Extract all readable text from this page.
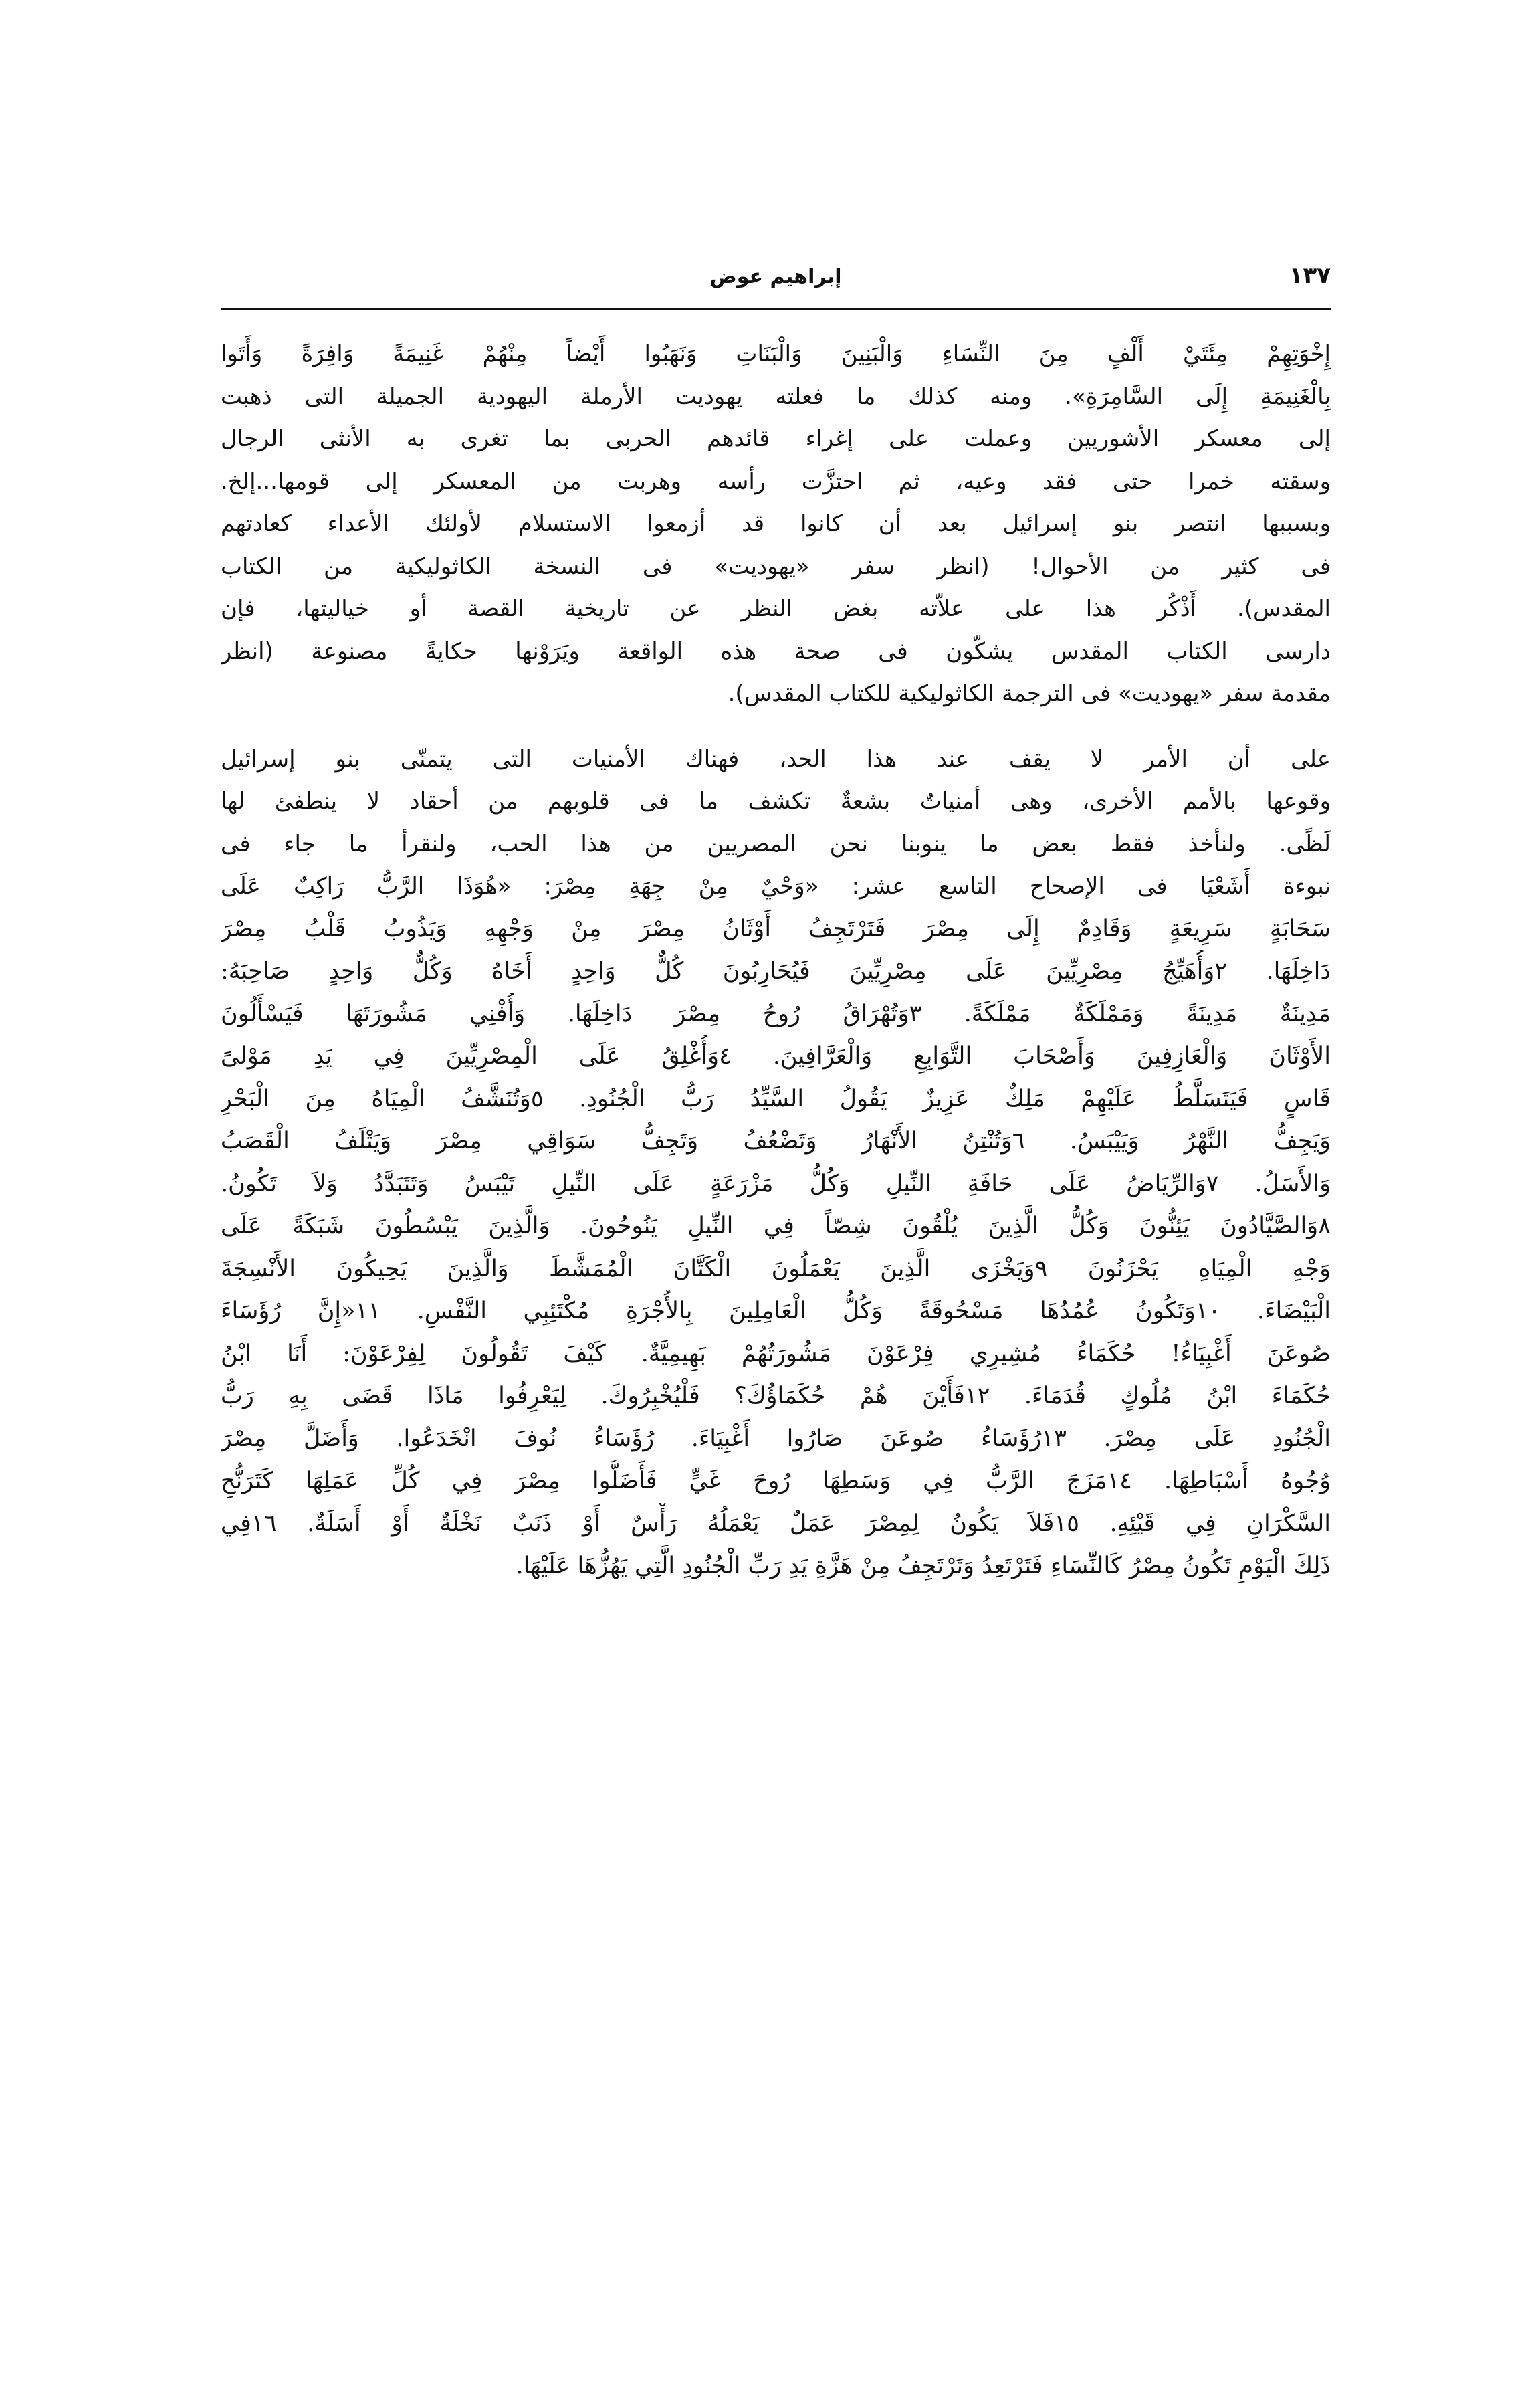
١٣٧
إبراهيم عوض

إِخْوَتِهِمْ مِئَتَيْ أَلْفٍ مِنَ النِّسَاءِ وَالْبَنِينَ وَالْبَنَاتِ وَنَهَبُوا أَيْضاً مِنْهُمْ غَنِيمَةً وَافِرَةً وَأَتَوا
بِالْغَنِيمَةِ إِلَى السَّامِرَةِ». ومنه كذلك ما فعلته يهوديت الأرملة اليهودية الجميلة التى ذهبت
إلى معسكر الأشوريين وعملت على إغراء قائدهم الحربى بما تغرى به الأنثى الرجال
وسقته خمرا حتى فقد وعيه، ثم احتزَّت رأسه وهربت من المعسكر إلى قومها...إلخ.
وبسببها انتصر بنو إسرائيل بعد أن كانوا قد أزمعوا الاستسلام لأولئك الأعداء كعادتهم
فى كثير من الأحوال! (انظر سفر «يهوديت» فى النسخة الكاثوليكية من الكتاب
المقدس). أَذْكُر هذا على علاّته بغض النظر عن تاريخية القصة أو خياليتها، فإن
دارسى الكتاب المقدس يشكّون فى صحة هذه الواقعة ويَرَوْنها حكايةً مصنوعة (انظر
مقدمة سفر «يهوديت» فى الترجمة الكاثوليكية للكتاب المقدس).

على أن الأمر لا يقف عند هذا الحد، فهناك الأمنيات التى يتمنّى بنو إسرائيل
وقوعها بالأمم الأخرى، وهى أمنياتٌ بشعةٌ تكشف ما فى قلوبهم من أحقاد لا ينطفئ لها
لَظًى. ولنأخذ فقط بعض ما ينوبنا نحن المصريين من هذا الحب، ولنقرأ ما جاء فى
نبوءة أَشَعْيَا فى الإصحاح التاسع عشر: «وَحْيٌ مِنْ جِهَةِ مِصْرَ: «هُوَذَا الرَّبُّ رَاكِبٌ عَلَى

سَحَابَةٍ سَرِيعَةٍ وَقَادِمٌ إِلَى مِصْرَ فَتَرْتَجِفُ أَوْثَانُ مِصْرَ مِنْ وَجْهِهِ وَيَذُوبُ قَلْبُ مِصْرَ
دَاخِلَهَا. ٢وَأُهَيِّجُ مِصْرِيِّينَ عَلَى مِصْرِيِّينَ فَيُحَارِبُونَ كُلٌّ وَاحِدٍ أَخَاهُ وَكُلٌّ وَاحِدٍ صَاحِبَهُ:
مَدِينَةٌ مَدِينَةً وَمَمْلَكَةٌ مَمْلَكَةً. ٣وَتُهْرَاقُ رُوحُ مِصْرَ دَاخِلَهَا. وَأُفْنِي مَشُورَتَهَا فَيَسْأَلُونَ
الأَوْثَانَ وَالْعَازِفِينَ وَأَصْحَابَ التَّوَابِعِ وَالْعَرَّافِينَ. ٤وَأُغْلِقُ عَلَى الْمِصْرِيِّينَ فِي يَدِ مَوْلىً
قَاسٍ فَيَتَسَلَّطُ عَلَيْهِمْ مَلِكٌ عَزِيزٌ يَقُولُ السَّيِّدُ رَبُّ الْجُنُودِ. ٥وَتُنَشَّفُ الْمِيَاهُ مِنَ الْبَحْرِ
وَيَجِفُّ النَّهْرُ وَيَيْبَسُ. ٦وَتُنْتِنُ الأَنْهَارُ وَتَضْعُفُ وَتَجِفُّ سَوَاقِي مِصْرَ وَيَتْلَفُ الْقَصَبُ
وَالأَسَلُ. ٧وَالرِّيَاضُ عَلَى حَافَةِ النِّيلِ وَكُلُّ مَزْرَعَةٍ عَلَى النِّيلِ تَيْبَسُ وَتَتَبَدَّدُ وَلاَ تَكُونُ.
٨وَالصَّيَّادُونَ يَئِنُّونَ وَكُلُّ الَّذِينَ يُلْقُونَ شِصّاً فِي النِّيلِ يَنُوحُونَ. وَالَّذِينَ يَبْسُطُونَ شَبَكَةً عَلَى
وَجْهِ الْمِيَاهِ يَحْزَنُونَ ٩وَيَخْزَى الَّذِينَ يَعْمَلُونَ الْكَتَّانَ الْمُمَشَّطَ وَالَّذِينَ يَحِيكُونَ الأَنْسِجَةَ
الْبَيْضَاءَ. ١٠وَتَكُونُ عُمُدُهَا مَسْحُوقَةً وَكُلُّ الْعَامِلِينَ بِالأُجْرَةِ مُكْتَئِبِي النَّفْسِ. ١١«إِنَّ رُؤَسَاءَ
صُوعَنَ أَغْبِيَاءُ! حُكَمَاءُ مُشِيرِي فِرْعَوْنَ مَشُورَتُهُمْ بَهِيمِيَّةٌ. كَيْفَ تَقُولُونَ لِفِرْعَوْنَ: أَنَا ابْنُ
حُكَمَاءَ ابْنُ مُلُوكٍ قُدَمَاءَ. ١٢فَأَيْنَ هُمْ حُكَمَاؤُكَ؟ فَلْيُخْبِرُوكَ. لِيَعْرِفُوا مَاذَا قَضَى بِهِ رَبُّ
الْجُنُودِ عَلَى مِصْرَ. ١٣رُؤَسَاءُ صُوعَنَ صَارُوا أَغْبِيَاءَ. رُؤَسَاءُ نُوفَ انْخَدَعُوا. وَأَضَلَّ مِصْرَ
وُجُوهُ أَسْبَاطِهَا. ١٤مَزَجَ الرَّبُّ فِي وَسَطِهَا رُوحَ غَيٍّ فَأَضَلُّوا مِصْرَ فِي كُلِّ عَمَلِهَا كَتَرَنُّحِ
السَّكْرَانِ فِي قَيْئِهِ. ١٥فَلاَ يَكُونُ لِمِصْرَ عَمَلٌ يَعْمَلُهُ رَأْسٌ أَوْ ذَنَبٌ نَخْلَةٌ أَوْ أَسَلَةٌ. ١٦فِي
ذَلِكَ الْيَوْمِ تَكُونُ مِصْرُ كَالنِّسَاءِ فَتَرْتَعِدُ وَتَرْتَجِفُ مِنْ هَزَّةِ يَدِ رَبِّ الْجُنُودِ الَّتِي يَهُزُّهَا عَلَيْهَا.
